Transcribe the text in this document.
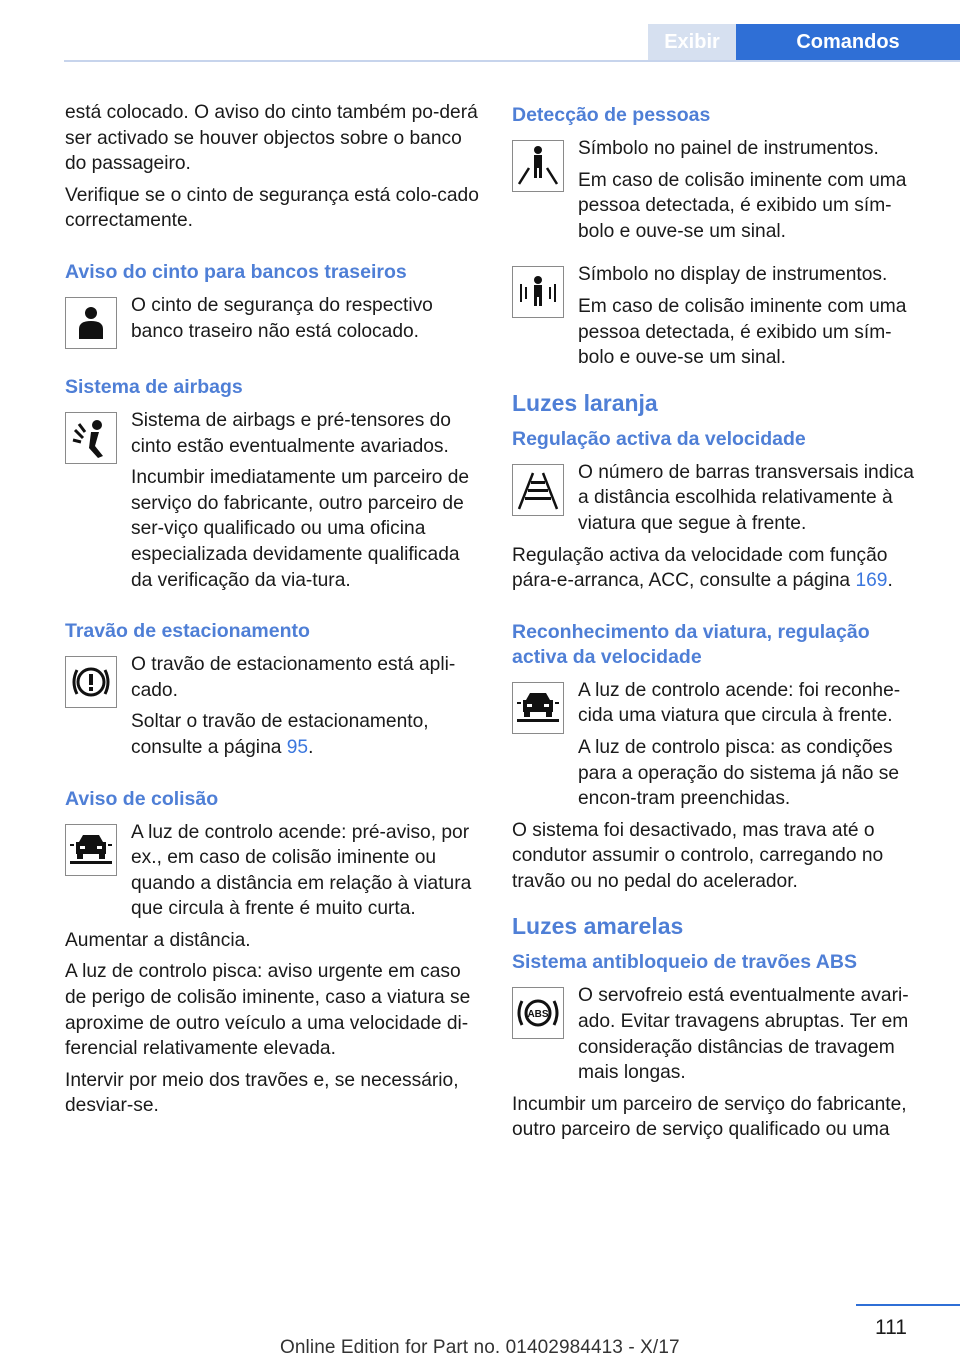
Exibir	Comandos

está colocado. O aviso do cinto também po-derá ser activado se houver objectos sobre o banco do passageiro.

Verifique se o cinto de segurança está colo-cado correctamente.

Aviso do cinto para bancos traseiros

O cinto de segurança do respectivo banco traseiro não está colocado.

Sistema de airbags

Sistema de airbags e pré-tensores do cinto estão eventualmente avariados.

Incumbir imediatamente um parceiro de serviço do fabricante, outro parceiro de ser-viço qualificado ou uma oficina especializada devidamente qualificada da verificação da via-tura.

Travão de estacionamento

O travão de estacionamento está apli-cado.

Soltar o travão de estacionamento, consulte a página 95.

Aviso de colisão

A luz de controlo acende: pré-aviso, por ex., em caso de colisão iminente ou quando a distância em relação à viatura que circula à frente é muito curta.

Aumentar a distância.

A luz de controlo pisca: aviso urgente em caso de perigo de colisão iminente, caso a viatura se aproxime de outro veículo a uma velocidade di-ferencial relativamente elevada.

Intervir por meio dos travões e, se necessário, desviar-se.

Detecção de pessoas

Símbolo no painel de instrumentos.

Em caso de colisão iminente com uma pessoa detectada, é exibido um sím-bolo e ouve-se um sinal.

Símbolo no display de instrumentos.

Em caso de colisão iminente com uma pessoa detectada, é exibido um sím-bolo e ouve-se um sinal.

Luzes laranja
Regulação activa da velocidade

O número de barras transversais indica a distância escolhida relativamente à viatura que segue à frente.

Regulação activa da velocidade com função pára-e-arranca, ACC, consulte a página 169.

Reconhecimento da viatura, regulação activa da velocidade

A luz de controlo acende: foi reconhe-cida uma viatura que circula à frente.

A luz de controlo pisca: as condições para a operação do sistema já não se encon-tram preenchidas.

O sistema foi desactivado, mas trava até o condutor assumir o controlo, carregando no travão ou no pedal do acelerador.

Luzes amarelas
Sistema antibloqueio de travões ABS
ABS

O servofreio está eventualmente avari-ado. Evitar travagens abruptas. Ter em consideração distâncias de travagem mais longas.

Incumbir um parceiro de serviço do fabricante, outro parceiro de serviço qualificado ou uma

111
Online Edition for Part no. 01402984413 - X/17
